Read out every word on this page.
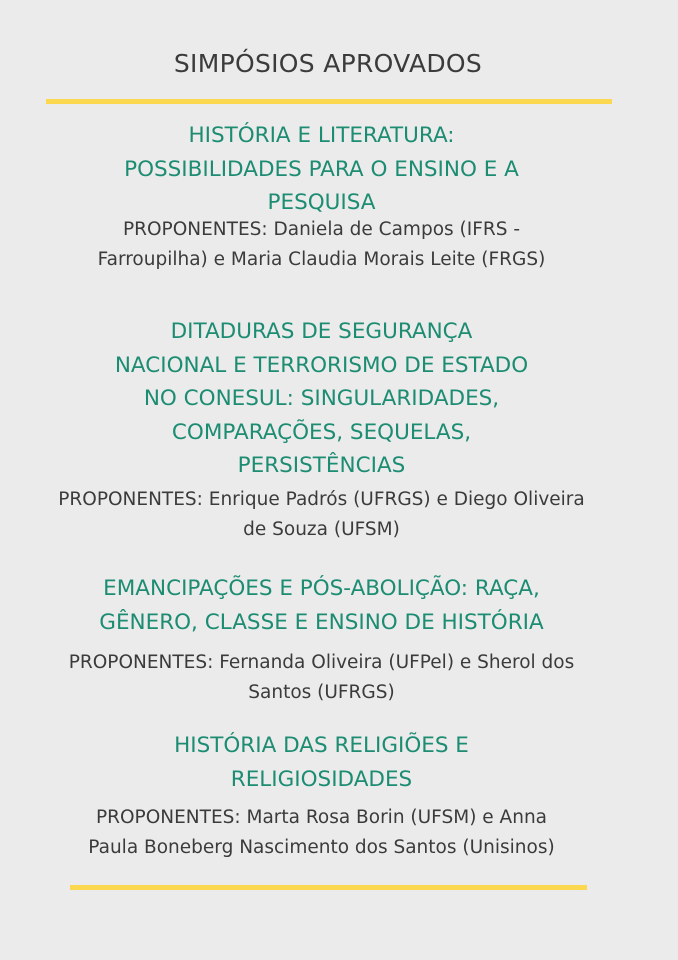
SIMPÓSIOS APROVADOS
HISTÓRIA E LITERATURA:
POSSIBILIDADES PARA O ENSINO E A
PESQUISA
PROPONENTES: Daniela de Campos (IFRS -
Farroupilha) e Maria Claudia Morais Leite (FRGS)
DITADURAS DE SEGURANÇA
NACIONAL E TERRORISMO DE ESTADO
NO CONESUL: SINGULARIDADES,
COMPARAÇÕES, SEQUELAS,
PERSISTÊNCIAS
PROPONENTES: Enrique Padrós (UFRGS) e Diego Oliveira
de Souza (UFSM)
EMANCIPAÇÕES E PÓS-ABOLIÇÃO: RAÇA,
GÊNERO, CLASSE E ENSINO DE HISTÓRIA
PROPONENTES: Fernanda Oliveira (UFPel) e Sherol dos
Santos (UFRGS)
HISTÓRIA DAS RELIGIÕES E
RELIGIOSIDADES
PROPONENTES: Marta Rosa Borin (UFSM) e Anna
Paula Boneberg Nascimento dos Santos (Unisinos)
